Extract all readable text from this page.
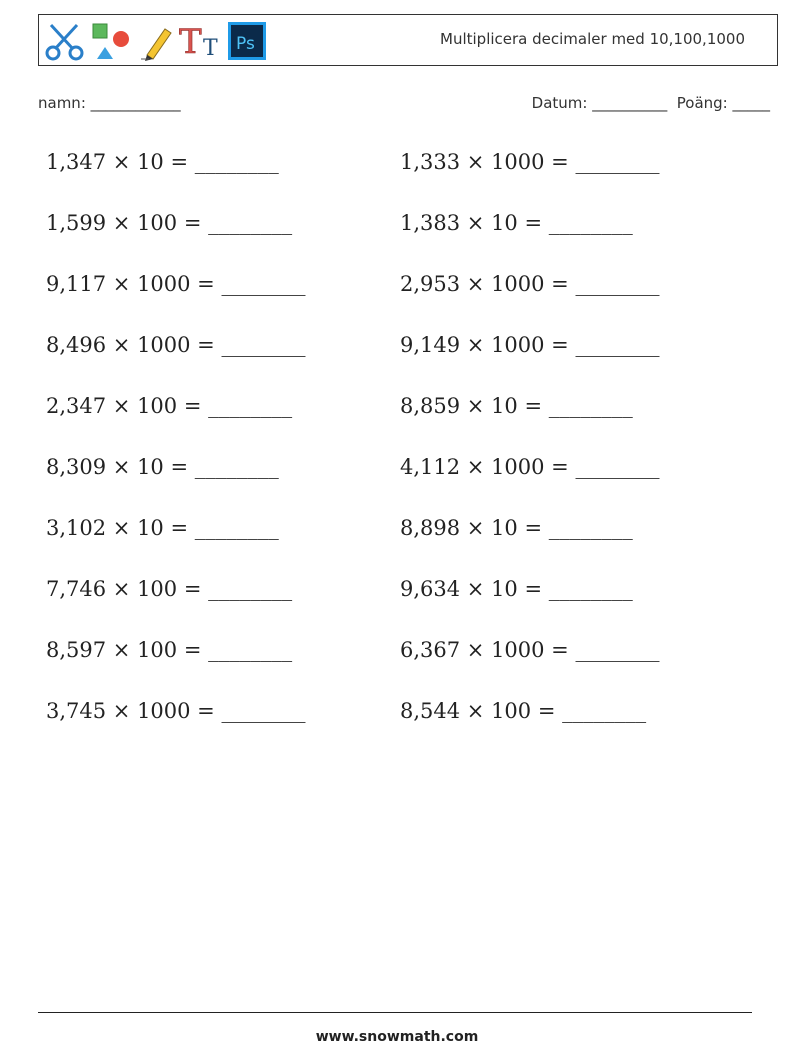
T T Ps	Multiplicera decimaler med 10,100,1000
namn: ____________	Datum: __________  Poäng: _____
1,347 × 10 = ________	1,333 × 1000 = ________
1,599 × 100 = ________	1,383 × 10 = ________
9,117 × 1000 = ________	2,953 × 1000 = ________
8,496 × 1000 = ________	9,149 × 1000 = ________
2,347 × 100 = ________	8,859 × 10 = ________
8,309 × 10 = ________	4,112 × 1000 = ________
3,102 × 10 = ________	8,898 × 10 = ________
7,746 × 100 = ________	9,634 × 10 = ________
8,597 × 100 = ________	6,367 × 1000 = ________
3,745 × 1000 = ________	8,544 × 100 = ________
www.snowmath.com
